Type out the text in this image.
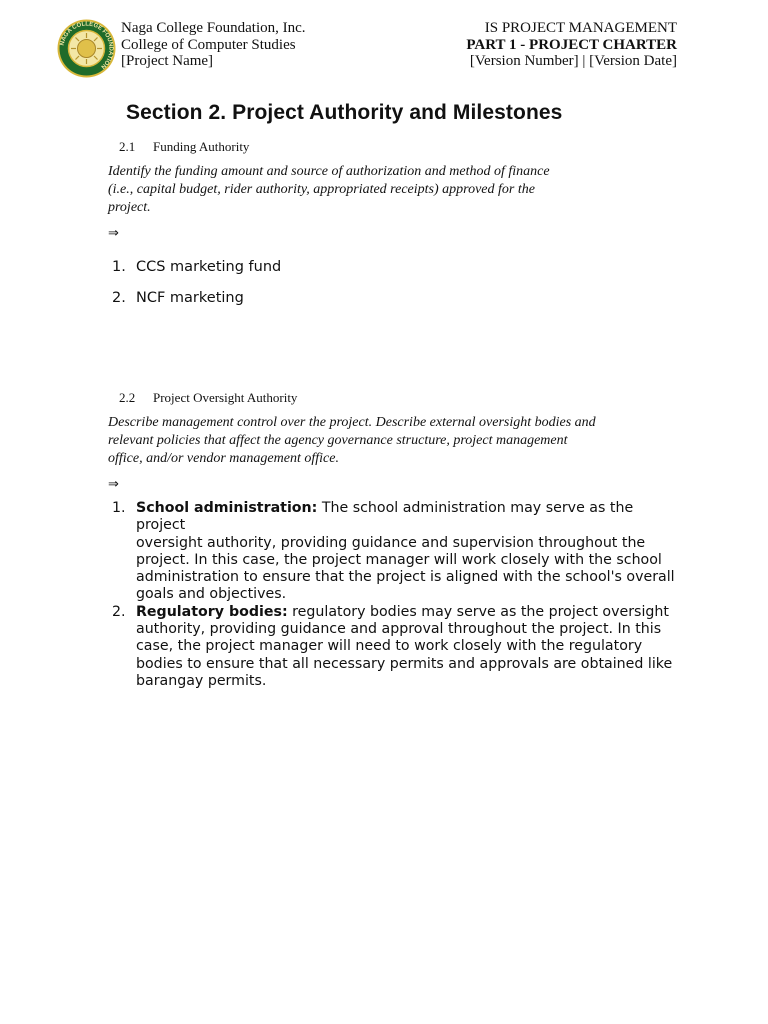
NAGA COLLEGE FOUNDATION
Naga College Foundation, Inc.
College of Computer Studies
[Project Name]
IS PROJECT MANAGEMENT
PART 1 - PROJECT CHARTER
[Version Number] | [Version Date]
Section 2. Project Authority and Milestones
2.1 Funding Authority
Identify the funding amount and source of authorization and method of finance
(i.e., capital budget, rider authority, appropriated receipts) approved for the
project.
⇒
1. CCS marketing fund
2. NCF marketing
2.2 Project Oversight Authority
Describe management control over the project. Describe external oversight bodies and
relevant policies that affect the agency governance structure, project management
office, and/or vendor management office.
⇒
1. School administration: The school administration may serve as the project
oversight authority, providing guidance and supervision throughout the
project. In this case, the project manager will work closely with the school
administration to ensure that the project is aligned with the school's overall
goals and objectives.
2. Regulatory bodies: regulatory bodies may serve as the project oversight
authority, providing guidance and approval throughout the project. In this
case, the project manager will need to work closely with the regulatory
bodies to ensure that all necessary permits and approvals are obtained like
barangay permits.
